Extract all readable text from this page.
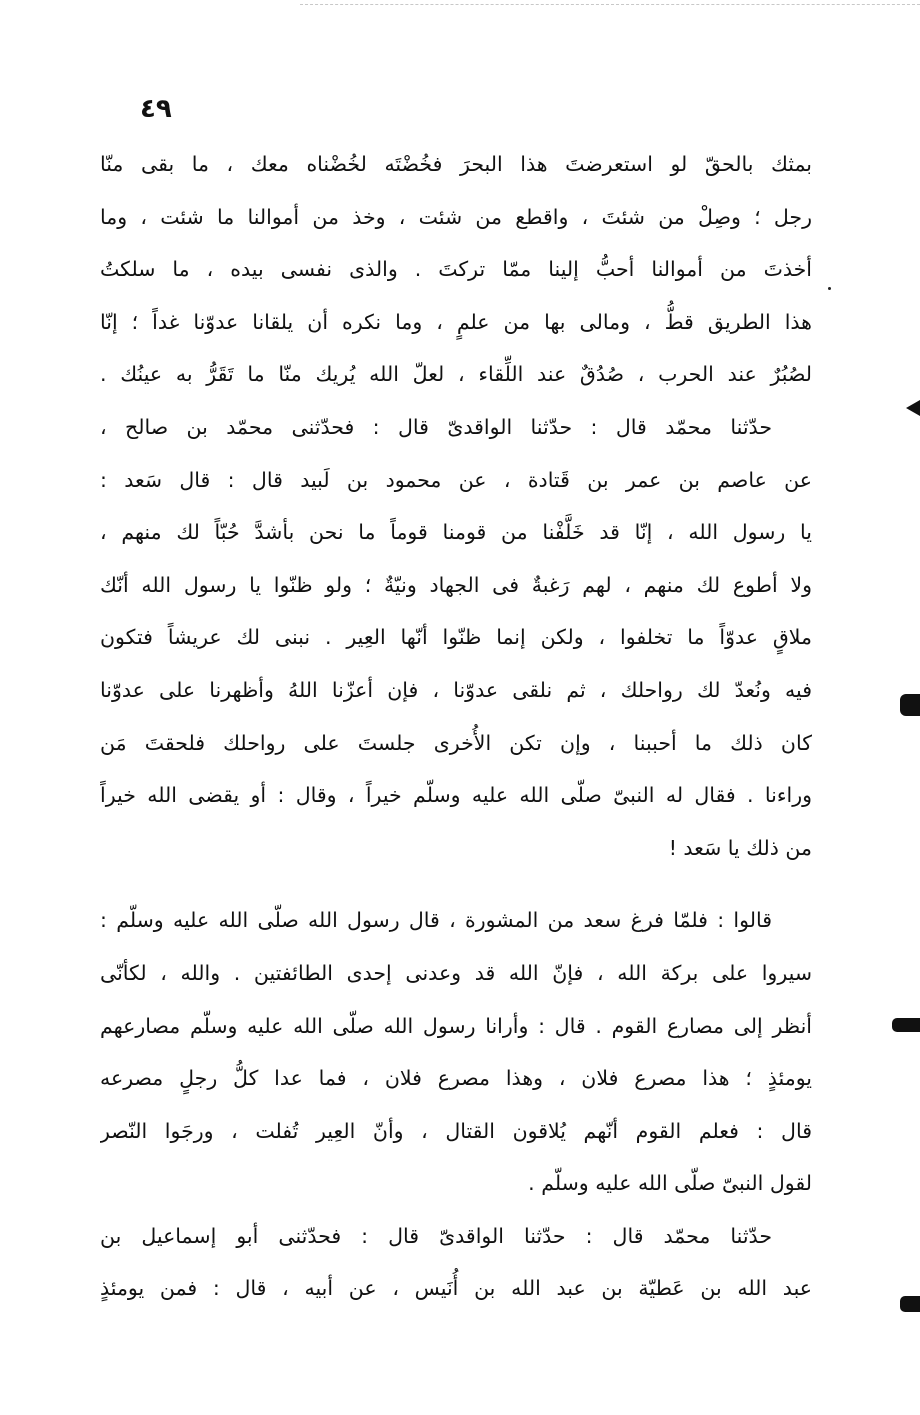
٤٩
بمثك بالحقّ لو استعرضتَ هذا البحرَ فخُضْتَه لخُضْناه معك ، ما بقى منّا
رجل ؛ وصِلْ من شئتَ ، واقطع من شئت ، وخذ من أموالنا ما شئت ، وما
أخذتَ من أموالنا أحبُّ إلينا ممّا تركتَ . والذى نفسى بيده ، ما سلكتُ
هذا الطريق قطُّ ، ومالى بها من علمٍ ، وما نكره أن يلقانا عدوّنا غداً ؛ إنّا
لصُبُرٌ عند الحرب ، صُدُقٌ عند اللِّقاء ، لعلّ الله يُريك منّا ما تَقَرُّ به عينُك .
حدّثنا محمّد قال : حدّثنا الواقدىّ قال : فحدّثنى محمّد بن صالح ،
عن عاصم بن عمر بن قَتادة ، عن محمود بن لَبيد قال : قال سَعد :
يا رسول الله ، إنّا قد خَلَّفْنا من قومنا قوماً ما نحن بأشدَّ حُبّاً لك منهم ،
ولا أطوع لك منهم ، لهم رَغبةٌ فى الجهاد ونيّةٌ ؛ ولو ظنّوا يا رسول الله أنّك
ملاقٍ عدوّاً ما تخلفوا ، ولكن إنما ظنّوا أنّها العِير . نبنى لك عريشاً فتكون
فيه ونُعدّ لك رواحلك ، ثم نلقى عدوّنا ، فإن أعزّنا اللهُ وأظهرنا على عدوّنا
كان ذلك ما أحببنا ، وإن تكن الأُخرى جلستَ على رواحلك فلحقتَ مَن
وراءنا . فقال له النبىّ صلّى الله عليه وسلّم خيراً ، وقال : أو يقضى الله خيراً
من ذلك يا سَعد !
قالوا : فلمّا فرغ سعد من المشورة ، قال رسول الله صلّى الله عليه وسلّم :
سيروا على بركة الله ، فإنّ الله قد وعدنى إحدى الطائفتين . والله ، لكأنّى
أنظر إلى مصارع القوم . قال : وأرانا رسول الله صلّى الله عليه وسلّم مصارعهم
يومئذٍ ؛ هذا مصرع فلان ، وهذا مصرع فلان ، فما عدا كلُّ رجلٍ مصرعه
قال : فعلم القوم أنّهم يُلاقون القتال ، وأنّ العِير تُفلت ، ورجَوا النّصر
لقول النبىّ صلّى الله عليه وسلّم .
حدّثنا محمّد قال : حدّثنا الواقدىّ قال : فحدّثنى أبو إسماعيل بن
عبد الله بن عَطيّة بن عبد الله بن أُنَيس ، عن أبيه ، قال : فمن يومئذٍ
